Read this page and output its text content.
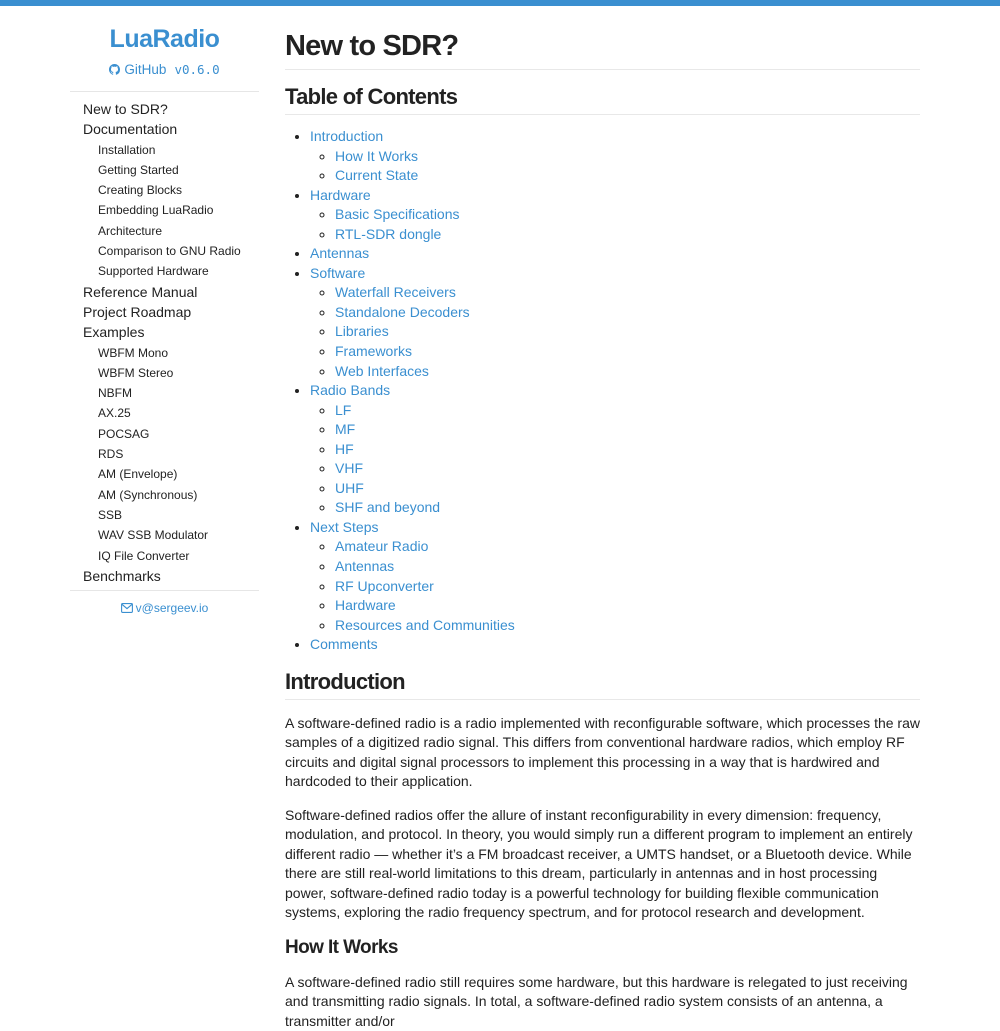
LuaRadio
GitHub v0.6.0
New to SDR?
Documentation
Installation
Getting Started
Creating Blocks
Embedding LuaRadio
Architecture
Comparison to GNU Radio
Supported Hardware
Reference Manual
Project Roadmap
Examples
WBFM Mono
WBFM Stereo
NBFM
AX.25
POCSAG
RDS
AM (Envelope)
AM (Synchronous)
SSB
WAV SSB Modulator
IQ File Converter
Benchmarks
v@sergeev.io
New to SDR?
Table of Contents
• Introduction
◦ How It Works
◦ Current State
• Hardware
◦ Basic Specifications
◦ RTL-SDR dongle
• Antennas
• Software
◦ Waterfall Receivers
◦ Standalone Decoders
◦ Libraries
◦ Frameworks
◦ Web Interfaces
• Radio Bands
◦ LF
◦ MF
◦ HF
◦ VHF
◦ UHF
◦ SHF and beyond
• Next Steps
◦ Amateur Radio
◦ Antennas
◦ RF Upconverter
◦ Hardware
◦ Resources and Communities
• Comments
Introduction

A software-defined radio is a radio implemented with reconfigurable software, which processes the raw samples of a digitized radio signal. This differs from conventional hardware radios, which employ RF circuits and digital signal processors to implement this processing in a way that is hardwired and hardcoded to their application.

Software-defined radios offer the allure of instant reconfigurability in every dimension: frequency, modulation, and protocol. In theory, you would simply run a different program to implement an entirely different radio — whether it’s a FM broadcast receiver, a UMTS handset, or a Bluetooth device. While there are still real-world limitations to this dream, particularly in antennas and in host processing power, software-defined radio today is a powerful technology for building flexible communication systems, exploring the radio frequency spectrum, and for protocol research and development.

How It Works

A software-defined radio still requires some hardware, but this hardware is relegated to just receiving and transmitting radio signals. In total, a software-defined radio system consists of an antenna, a transmitter and/or
